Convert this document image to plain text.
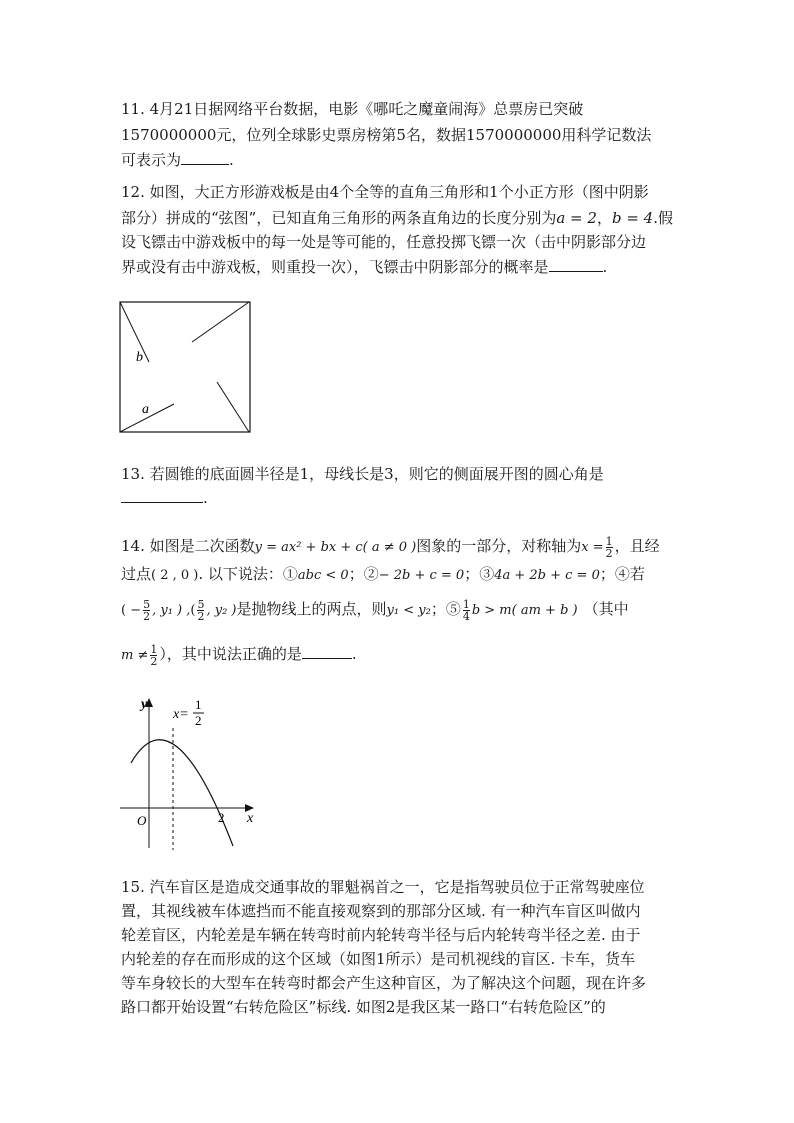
11. 4月21日据网络平台数据，电影《哪吒之魔童闹海》总票房已突破
1570000000元，位列全球影史票房榜第5名，数据1570000000用科学记数法
可表示为	.
12. 如图，大正方形游戏板是由4个全等的直角三角形和1个小正方形（图中阴影
部分）拼成的“弦图”，已知直角三角形的两条直角边的长度分别为a = 2，b = 4.假
设飞镖击中游戏板中的每一处是等可能的，任意投掷飞镖一次（击中阴影部分边
界或没有击中游戏板，则重投一次），飞镖击中阴影部分的概率是	.
b
a
13. 若圆锥的底面圆半径是1，母线长是3，则它的侧面展开图的圆心角是
.
14. 如图是二次函数y = ax² + bx + c( a ≠ 0 )图象的一部分，对称轴为$x = \frac{1}{2}$ ，且经
过点( 2 , 0 ). 以下说法：①abc < 0；②− 2b + c = 0；③4a + 2b + c = 0；④若
( − $\frac{5}{2}$ , y₁ ) ,( $\frac{5}{2}$ , y₂ )是抛物线上的两点，则y₁ < y₂；⑤ $\frac{1}{4}$ b > m( am + b ) （其中
$m \ne \frac{1}{2}$ ），其中说法正确的是	.
y
x
O	2
x=
1
2
15. 汽车盲区是造成交通事故的罪魁祸首之一，它是指驾驶员位于正常驾驶座位
置，其视线被车体遮挡而不能直接观察到的那部分区域. 有一种汽车盲区叫做内
轮差盲区，内轮差是车辆在转弯时前内轮转弯半径与后内轮转弯半径之差. 由于
内轮差的存在而形成的这个区域（如图1所示）是司机视线的盲区. 卡车，货车
等车身较长的大型车在转弯时都会产生这种盲区，为了解决这个问题，现在许多
路口都开始设置“右转危险区”标线. 如图2是我区某一路口“右转危险区”的
